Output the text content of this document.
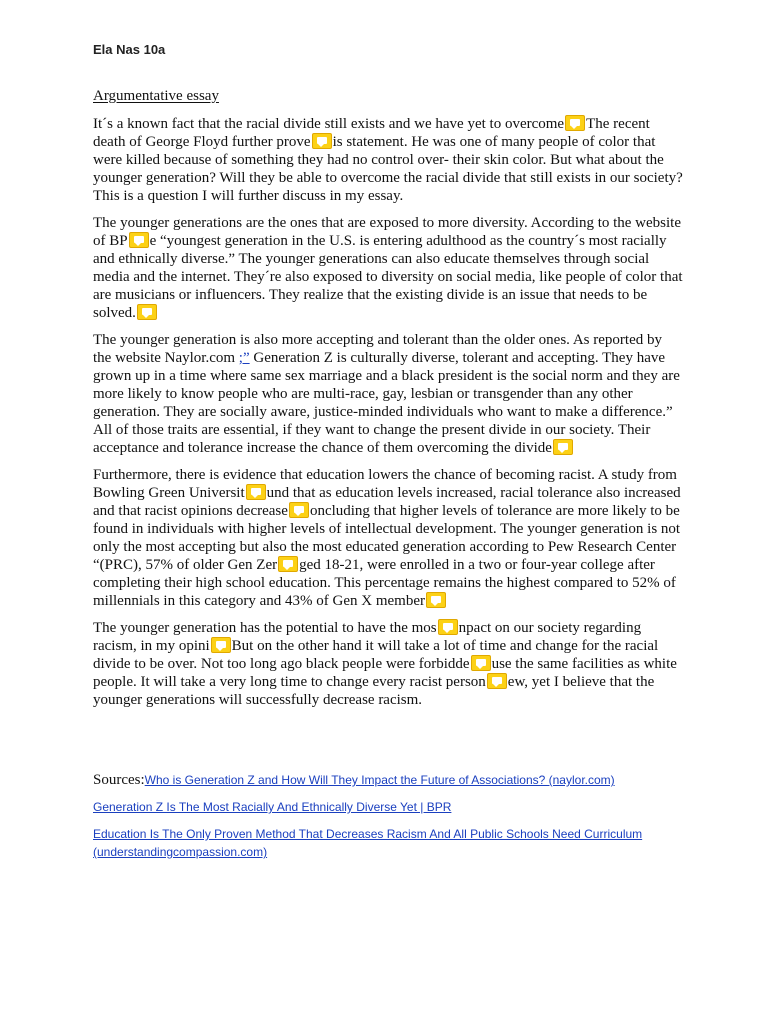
Ela Nas 10a
Argumentative essay

It´s a known fact that the racial divide still exists and we have yet to overcome The recent death of George Floyd further prove is statement. He was one of many people of color that were killed because of something they had no control over- their skin color. But what about the younger generation? Will they be able to overcome the racial divide that still exists in our society? This is a question I will further discuss in my essay.

The younger generations are the ones that are exposed to more diversity. According to the website of BP e “youngest generation in the U.S. is entering adulthood as the country´s most racially and ethnically diverse.” The younger generations can also educate themselves through social media and the internet. They´re also exposed to diversity on social media, like people of color that are musicians or influencers. They realize that the existing divide is an issue that needs to be solved.

The younger generation is also more accepting and tolerant than the older ones. As reported by the website Naylor.com ;” Generation Z is culturally diverse, tolerant and accepting. They have grown up in a time where same sex marriage and a black president is the social norm and they are more likely to know people who are multi-race, gay, lesbian or transgender than any other generation. They are socially aware, justice-minded individuals who want to make a difference.” All of those traits are essential, if they want to change the present divide in our society. Their acceptance and tolerance increase the chance of them overcoming the divide

Furthermore, there is evidence that education lowers the chance of becoming racist. A study from Bowling Green Universit und that as education levels increased, racial tolerance also increased and that racist opinions decrease oncluding that higher levels of tolerance are more likely to be found in individuals with higher levels of intellectual development. The younger generation is not only the most accepting but also the most educated generation according to Pew Research Center “(PRC), 57% of older Gen Zer ged 18-21, were enrolled in a two or four-year college after completing their high school education. This percentage remains the highest compared to 52% of millennials in this category and 43% of Gen X member

The younger generation has the potential to have the mos npact on our society regarding racism, in my opini But on the other hand it will take a lot of time and change for the racial divide to be over. Not too long ago black people were forbidde use the same facilities as white people. It will take a very long time to change every racist person ew, yet I believe that the younger generations will successfully decrease racism.

Sources:Who is Generation Z and How Will They Impact the Future of Associations? (naylor.com)
Generation Z Is The Most Racially And Ethnically Diverse Yet | BPR
Education Is The Only Proven Method That Decreases Racism And All Public Schools Need Curriculum (understandingcompassion.com)
